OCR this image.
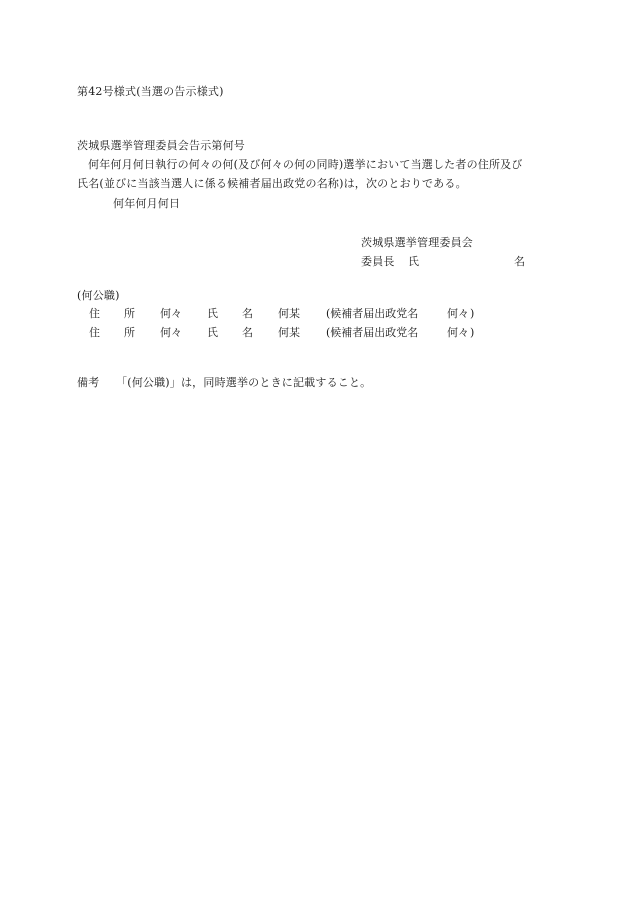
第42号様式(当選の告示様式)
茨城県選挙管理委員会告示第何号
何年何月何日執行の何々の何(及び何々の何の同時)選挙において当選した者の住所及び
氏名(並びに当該当選人に係る候補者届出政党の名称)は，次のとおりである。
何年何月何日
茨城県選挙管理委員会
委員長 氏	名
(何公職)
住 所 何々 氏 名 何某 (候補者届出政党名	何々 )
住 所 何々 氏 名 何某 (候補者届出政党名	何々 )
備考 「(何公職)」は，同時選挙のときに記載すること。
